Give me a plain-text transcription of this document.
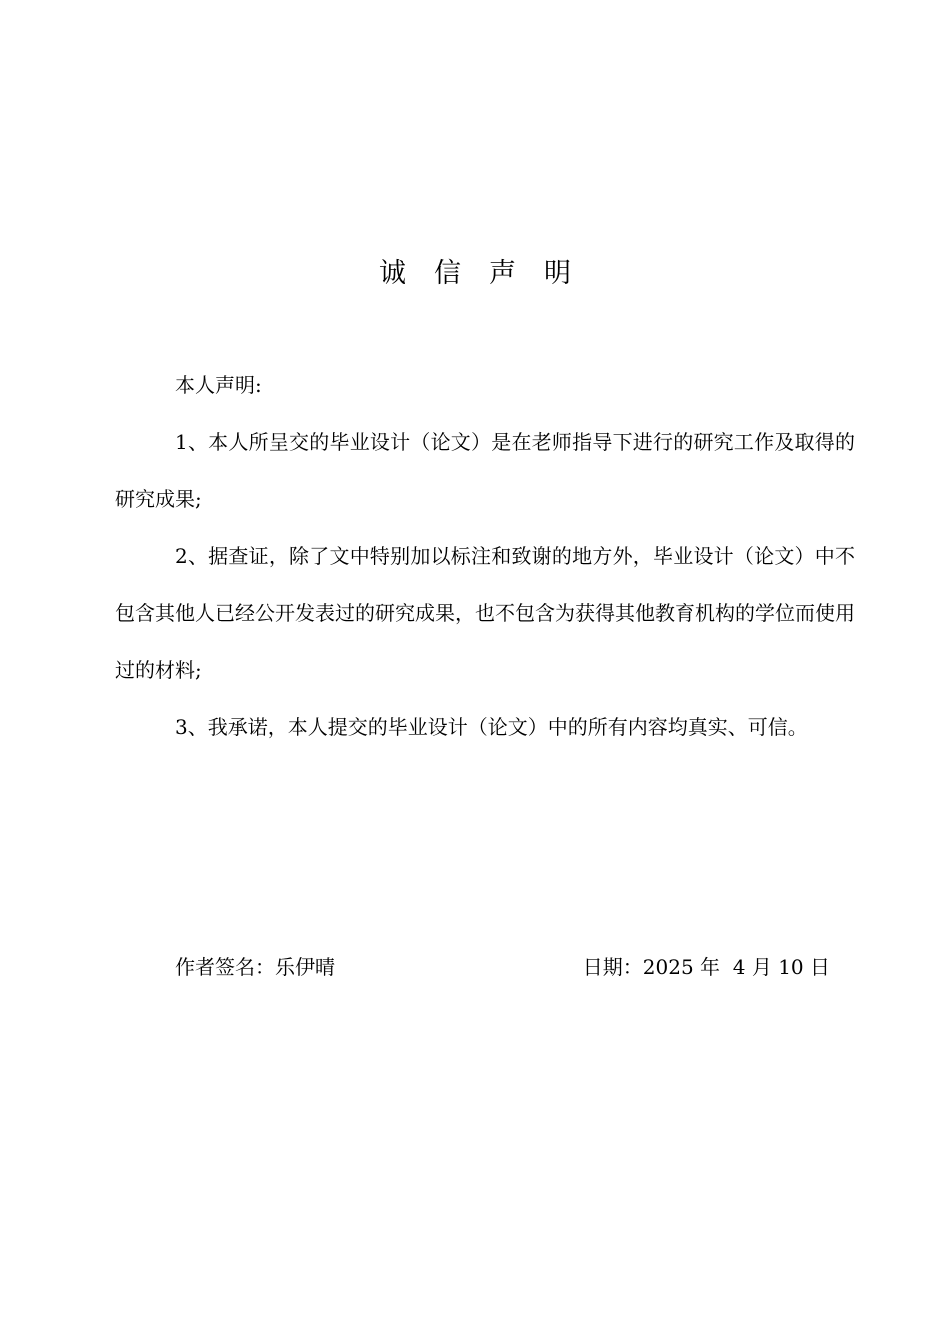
诚信声明

本人声明:

1、本人所呈交的毕业设计（论文）是在老师指导下进行的研究工作及取得的研究成果;

2、据查证，除了文中特别加以标注和致谢的地方外，毕业设计（论文）中不包含其他人已经公开发表过的研究成果，也不包含为获得其他教育机构的学位而使用过的材料;

3、我承诺，本人提交的毕业设计（论文）中的所有内容均真实、可信。

作者签名：乐伊晴	日期：2025 年  4 月 10 日
